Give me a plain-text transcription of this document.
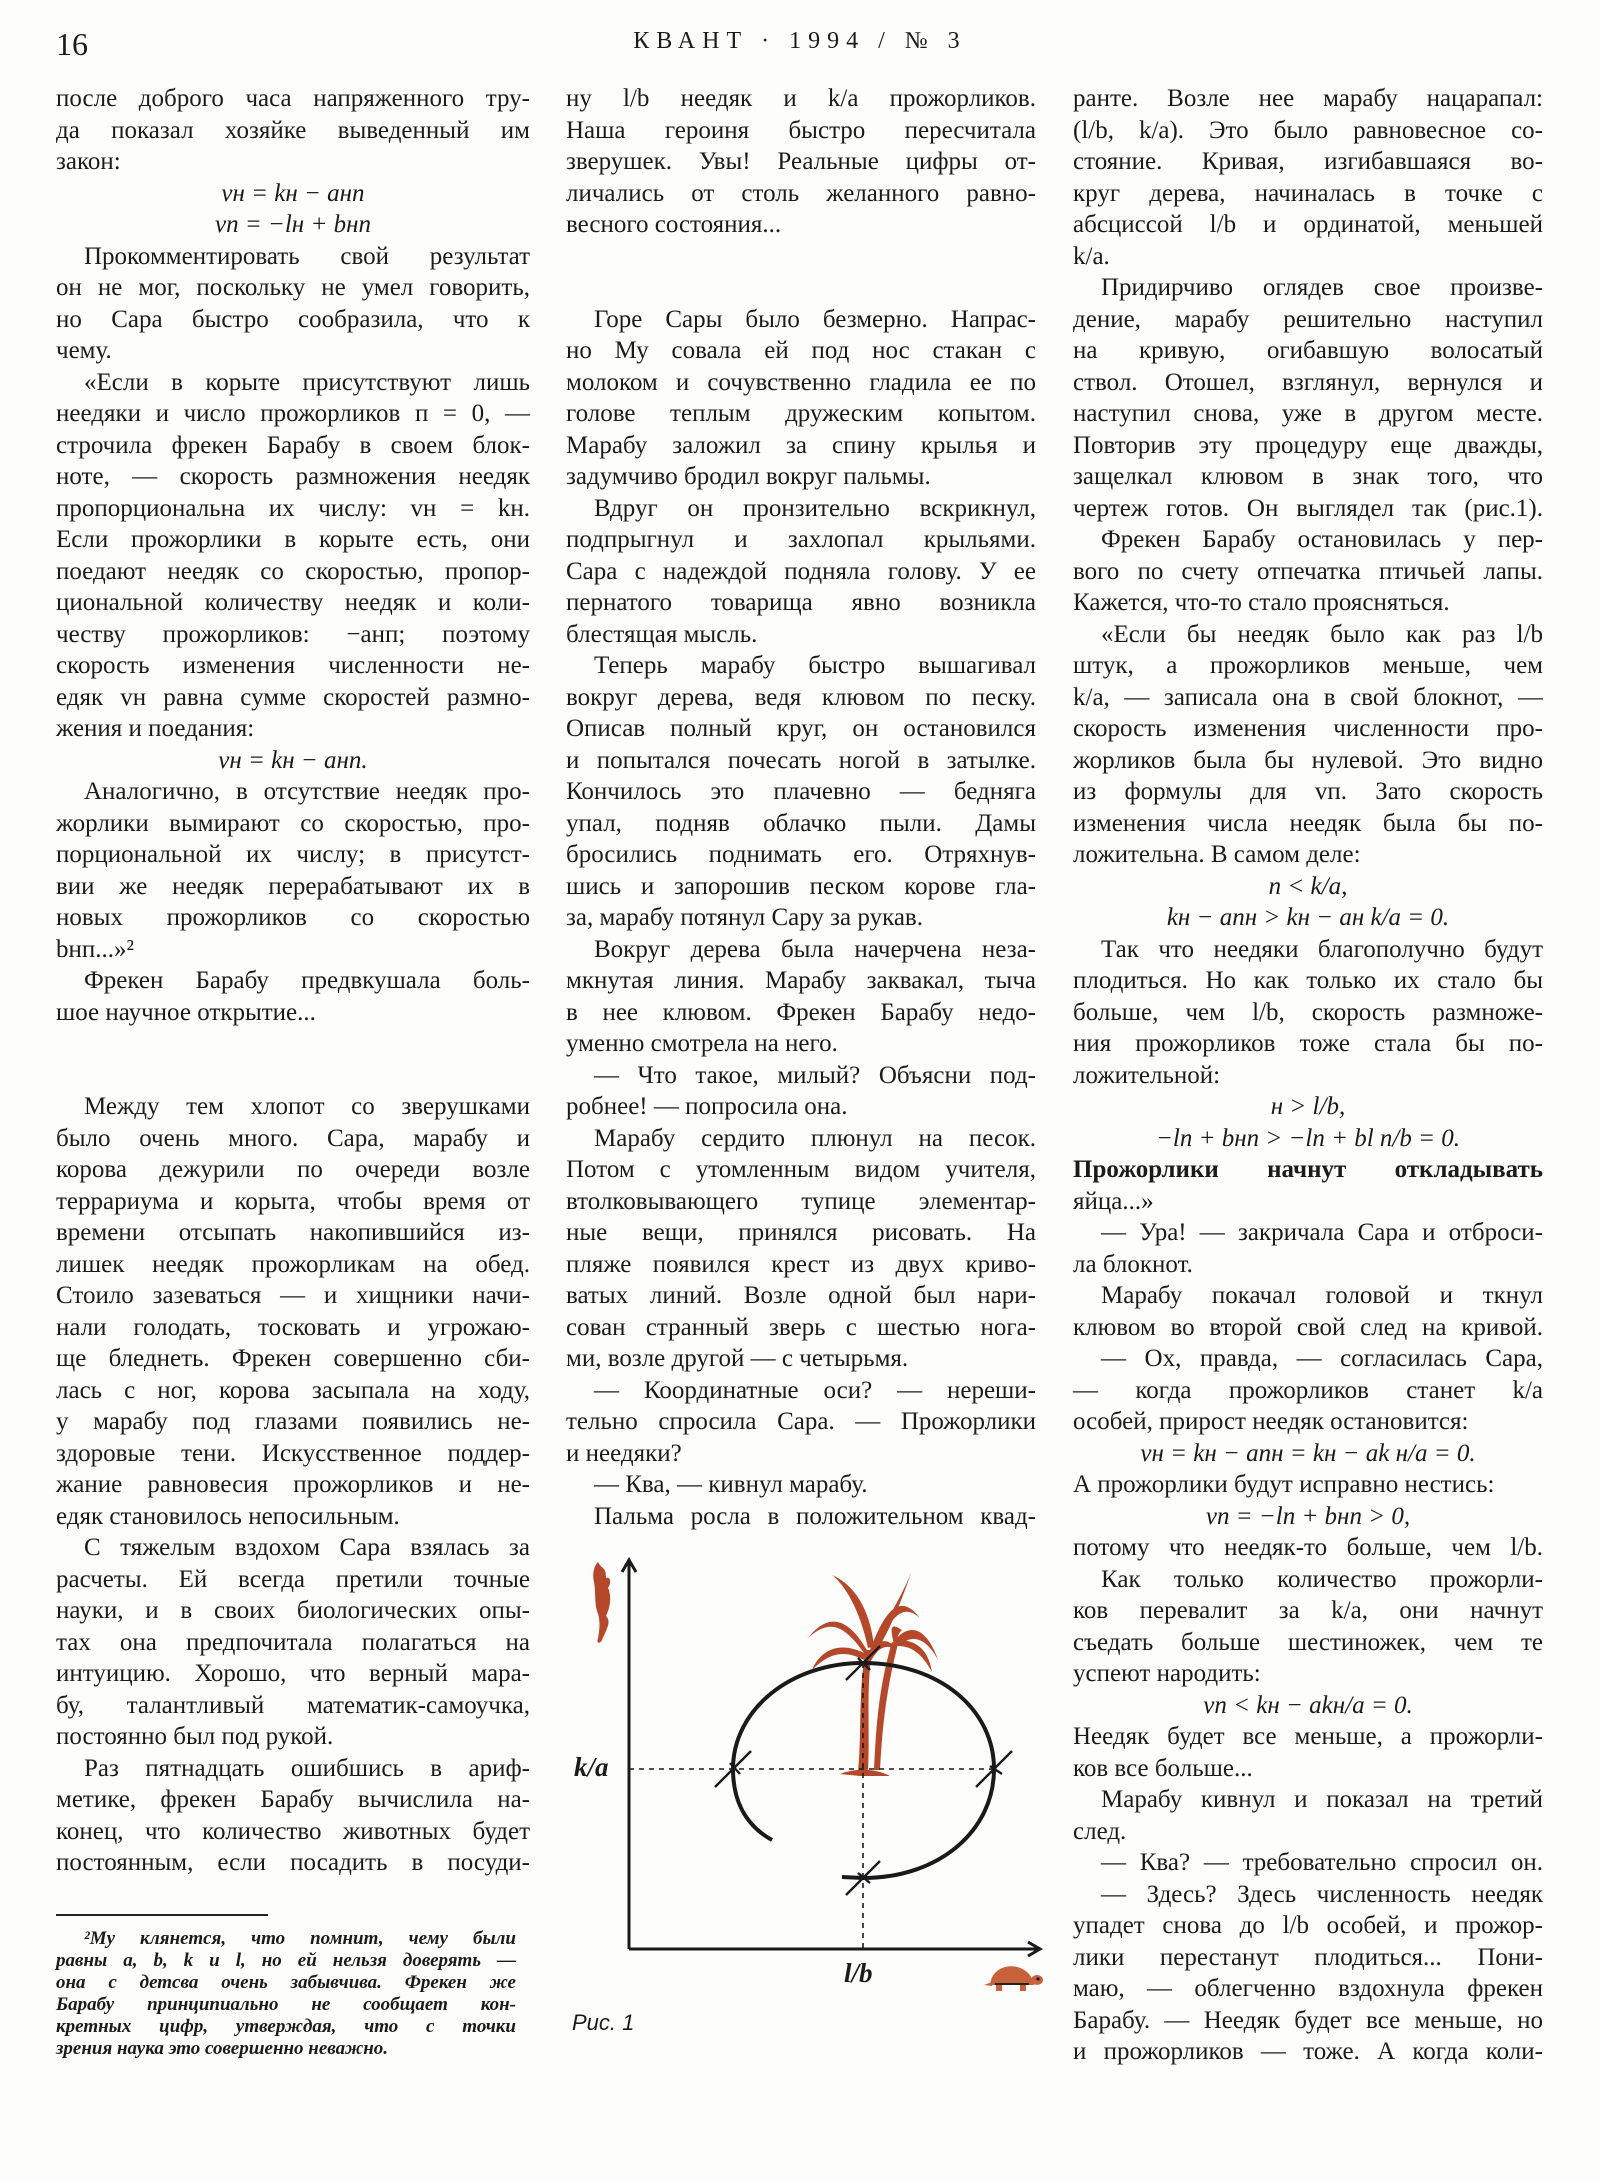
16	КВАНТ · 1994 / № 3
после доброго часа напряженного тру-
да показал хозяйке выведенный им
закон:
vн = kн − aнп
vп = −lн + bнп
Прокомментировать свой результат
он не мог, поскольку не умел говорить,
но Сара быстро сообразила, что к
чему.
«Если в корыте присутствуют лишь
неедяки и число прожорликов п = 0, —
строчила фрекен Барабу в своем блок-
ноте, — скорость размножения неедяк
пропорциональна их числу: vн = kн.
Если прожорлики в корыте есть, они
поедают неедяк со скоростью, пропор-
циональной количеству неедяк и коли-
честву прожорликов: −aнп; поэтому
скорость изменения численности не-
едяк vн равна сумме скоростей размно-
жения и поедания:
vн = kн − aнп.
Аналогично, в отсутствие неедяк про-
жорлики вымирают со скоростью, про-
порциональной их числу; в присутст-
вии же неедяк перерабатывают их в
новых прожорликов со скоростью
bнп...»²
Фрекен Барабу предвкушала боль-
шое научное открытие...
Между тем хлопот со зверушками
было очень много. Сара, марабу и
корова дежурили по очереди возле
террариума и корыта, чтобы время от
времени отсыпать накопившийся из-
лишек неедяк прожорликам на обед.
Стоило зазеваться — и хищники начи-
нали голодать, тосковать и угрожаю-
ще бледнеть. Фрекен совершенно сби-
лась с ног, корова засыпала на ходу,
у марабу под глазами появились не-
здоровые тени. Искусственное поддер-
жание равновесия прожорликов и не-
едяк становилось непосильным.
С тяжелым вздохом Сара взялась за
расчеты. Ей всегда претили точные
науки, и в своих биологических опы-
тах она предпочитала полагаться на
интуицию. Хорошо, что верный мара-
бу, талантливый математик-самоучка,
постоянно был под рукой.
Раз пятнадцать ошибшись в ариф-
метике, фрекен Барабу вычислила на-
конец, что количество животных будет
постоянным, если посадить в посуди-
ну l/b неедяк и k/a прожорликов.
Наша героиня быстро пересчитала
зверушек. Увы! Реальные цифры от-
личались от столь желанного равно-
весного состояния...
Горе Сары было безмерно. Напрас-
но Му совала ей под нос стакан с
молоком и сочувственно гладила ее по
голове теплым дружеским копытом.
Марабу заложил за спину крылья и
задумчиво бродил вокруг пальмы.
Вдруг он пронзительно вскрикнул,
подпрыгнул и захлопал крыльями.
Сара с надеждой подняла голову. У ее
пернатого товарища явно возникла
блестящая мысль.
Теперь марабу быстро вышагивал
вокруг дерева, ведя клювом по песку.
Описав полный круг, он остановился
и попытался почесать ногой в затылке.
Кончилось это плачевно — бедняга
упал, подняв облачко пыли. Дамы
бросились поднимать его. Отряхнув-
шись и запорошив песком корове гла-
за, марабу потянул Сару за рукав.
Вокруг дерева была начерчена неза-
мкнутая линия. Марабу заквакал, тыча
в нее клювом. Фрекен Барабу недо-
уменно смотрела на него.
— Что такое, милый? Объясни под-
робнее! — попросила она.
Марабу сердито плюнул на песок.
Потом с утомленным видом учителя,
втолковывающего тупице элементар-
ные вещи, принялся рисовать. На
пляже появился крест из двух криво-
ватых линий. Возле одной был нари-
сован странный зверь с шестью нога-
ми, возле другой — с четырьмя.
— Координатные оси? — нереши-
тельно спросила Сара. — Прожорлики
и неедяки?
— Ква, — кивнул марабу.
Пальма росла в положительном квад-
ранте. Возле нее марабу нацарапал:
(l/b, k/a). Это было равновесное со-
стояние. Кривая, изгибавшаяся во-
круг дерева, начиналась в точке с
абсциссой l/b и ординатой, меньшей
k/a.
Придирчиво оглядев свое произве-
дение, марабу решительно наступил
на кривую, огибавшую волосатый
ствол. Отошел, взглянул, вернулся и
наступил снова, уже в другом месте.
Повторив эту процедуру еще дважды,
защелкал клювом в знак того, что
чертеж готов. Он выглядел так (рис.1).
Фрекен Барабу остановилась у пер-
вого по счету отпечатка птичьей лапы.
Кажется, что-то стало проясняться.
«Если бы неедяк было как раз l/b
штук, а прожорликов меньше, чем
k/a, — записала она в свой блокнот, —
скорость изменения численности про-
жорликов была бы нулевой. Это видно
из формулы для vп. Зато скорость
изменения числа неедяк была бы по-
ложительна. В самом деле:
п < k/a,
kн − aпн > kн − aн k/a = 0.
Так что неедяки благополучно будут
плодиться. Но как только их стало бы
больше, чем l/b, скорость размноже-
ния прожорликов тоже стала бы по-
ложительной:
н > l/b,
−lп + bнп > −lп + bl п/b = 0.
Прожорлики начнут откладывать
яйца...»
— Ура! — закричала Сара и отброси-
ла блокнот.
Марабу покачал головой и ткнул
клювом во второй свой след на кривой.
— Ох, правда, — согласилась Сара,
— когда прожорликов станет k/a
особей, прирост неедяк остановится:
vн = kн − aпн = kн − ak н/a = 0.
А прожорлики будут исправно нестись:
vп = −lп + bнп > 0,
потому что неедяк-то больше, чем l/b.
Как только количество прожорли-
ков перевалит за k/a, они начнут
съедать больше шестиножек, чем те
успеют народить:
vп < kн − akн/a = 0.
Неедяк будет все меньше, а прожорли-
ков все больше...
Марабу кивнул и показал на третий
след.
— Ква? — требовательно спросил он.
— Здесь? Здесь численность неедяк
упадет снова до l/b особей, и прожор-
лики перестанут плодиться... Пони-
маю, — облегченно вздохнула фрекен
Барабу. — Неедяк будет все меньше, но
и прожорликов — тоже. А когда коли-
²Му клянется, что помнит, чему были
равны a, b, k и l, но ей нельзя доверять —
она с детсва очень забывчива. Фрекен же
Барабу принципиально не сообщает кон-
кретных цифр, утверждая, что с точки
зрения наука это совершенно неважно.
k/a
l/b
Рис. 1
